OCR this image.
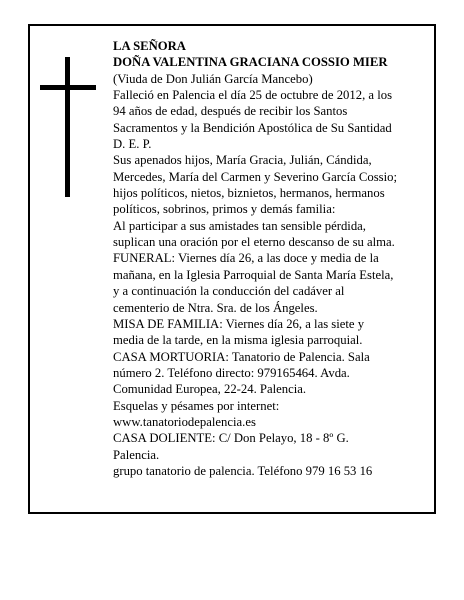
LA SEÑORA
DOÑA VALENTINA GRACIANA COSSIO MIER
(Viuda de Don Julián García Mancebo)
Falleció en Palencia el día 25 de octubre de 2012, a los
94 años de edad, después de recibir los Santos
Sacramentos y la Bendición Apostólica de Su Santidad
D. E. P.
Sus apenados hijos, María Gracia, Julián, Cándida,
Mercedes, María del Carmen y Severino García Cossio;
hijos políticos, nietos, biznietos, hermanos, hermanos
políticos, sobrinos, primos y demás familia:
Al participar a sus amistades tan sensible pérdida,
suplican una oración por el eterno descanso de su alma.
FUNERAL: Viernes día 26, a las doce y media de la
mañana, en la Iglesia Parroquial de Santa María Estela,
y a continuación la conducción del cadáver al
cementerio de Ntra. Sra. de los Ángeles.
MISA DE FAMILIA: Viernes día 26, a las siete y
media de la tarde, en la misma iglesia parroquial.
CASA MORTUORIA: Tanatorio de Palencia. Sala
número 2. Teléfono directo: 979165464. Avda.
Comunidad Europea, 22-24. Palencia.
Esquelas y pésames por internet:
www.tanatoriodepalencia.es
CASA DOLIENTE: C/ Don Pelayo, 18 - 8º G.
Palencia.
grupo tanatorio de palencia. Teléfono 979 16 53 16
